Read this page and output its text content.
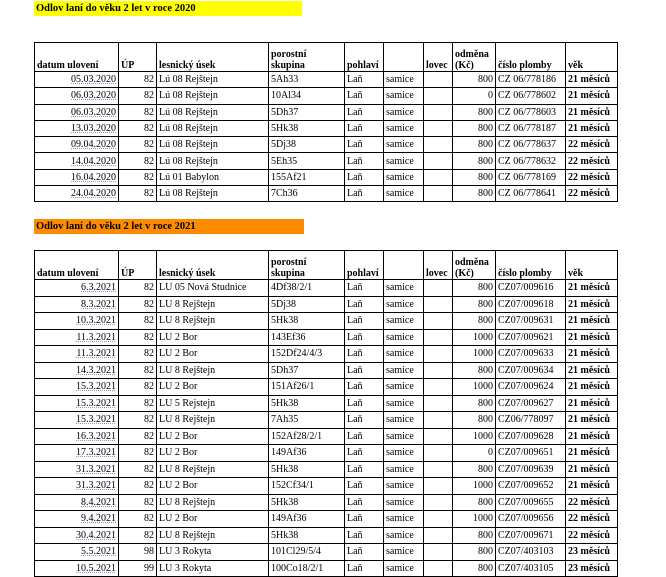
Odlov laní do věku 2 let v roce 2020
datum ulovení	ÚP	lesnický úsek	porostní skupina	pohlaví		lovec	odměna (Kč)	číslo plomby	věk
05.03.2020	82	Lú 08 Rejštejn	5Ah33	Laň	samice		800	CZ 06/778186	21 měsíců
06.03.2020	82	Lú 08 Rejštejn	10Al34	Laň	samice		0	CZ 06/778602	21 měsíců
06.03.2020	82	Lú 08 Rejštejn	5Dh37	Laň	samice		800	CZ 06/778603	21 měsíců
13.03.2020	82	Lú 08 Rejštejn	5Hk38	Laň	samice		800	CZ 06/778187	21 měsíců
09.04.2020	82	Lú 08 Rejštejn	5Dj38	Laň	samice		800	CZ 06/778637	22 měsíců
14.04.2020	82	Lú 08 Rejštejn	5Eh35	Laň	samice		800	CZ 06/778632	22 měsíců
16.04.2020	82	Lú 01 Babylon	155Af21	Laň	samice		800	CZ 06/778169	22 měsíců
24.04.2020	82	Lú 08 Rejštejn	7Ch36	Laň	samice		800	CZ 06/778641	22 měsíců
Odlov laní do věku 2 let v roce 2021
datum ulovení	ÚP	lesnický úsek	porostní skupina	pohlaví		lovec	odměna (Kč)	číslo plomby	věk
6.3.2021	82	LU 05 Nová Studnice	4Df38/2/1	Laň	samice		800	CZ07/009616	21 měsíců
8.3.2021	82	LU 8 Rejštejn	5Dj38	Laň	samice		800	CZ07/009618	21 měsíců
10.3.2021	82	LU 8 Rejštejn	5Hk38	Laň	samice		800	CZ07/009631	21 měsíců
11.3.2021	82	LU 2 Bor	143Ef36	Laň	samice		1000	CZ07/009621	21 měsíců
11.3.2021	82	LU 2 Bor	152Df24/4/3	Laň	samice		1000	CZ07/009633	21 měsíců
14.3.2021	82	LU 8 Rejštejn	5Dh37	Laň	samice		800	CZ07/009634	21 měsíců
15.3.2021	82	LU 2 Bor	151Af26/1	Laň	samice		1000	CZ07/009624	21 měsíců
15.3.2021	82	LU 5 Rejstejn	5Hk38	Laň	samice		800	CZ07/009627	21 měsíců
15.3.2021	82	LU 8 Rejštejn	7Ah35	Laň	samice		800	CZ06/778097	21 měsíců
16.3.2021	82	LU 2 Bor	152Af28/2/1	Laň	samice		1000	CZ07/009628	21 měsíců
17.3.2021	82	LU 2 Bor	149Af36	Laň	samice		0	CZ07/009651	21 měsíců
31.3.2021	82	LU 8 Rejštejn	5Hk38	Laň	samice		800	CZ07/009639	21 měsíců
31.3.2021	82	LU 2 Bor	152Cf34/1	Laň	samice		1000	CZ07/009652	21 měsíců
8.4.2021	82	LU 8 Rejštejn	5Hk38	Laň	samice		800	CZ07/009655	22 měsíců
9.4.2021	82	LU 2 Bor	149Af36	Laň	samice		1000	CZ07/009656	22 měsíců
30.4.2021	82	LU 8 Rejštejn	5Hk38	Laň	samice		800	CZ07/009671	22 měsíců
5.5.2021	98	LU 3 Rokyta	101Cl29/5/4	Laň	samice		800	CZ07/403103	23 měsíců
10.5.2021	99	LU 3 Rokyta	100Co18/2/1	Laň	samice		800	CZ07/403105	23 měsíců
